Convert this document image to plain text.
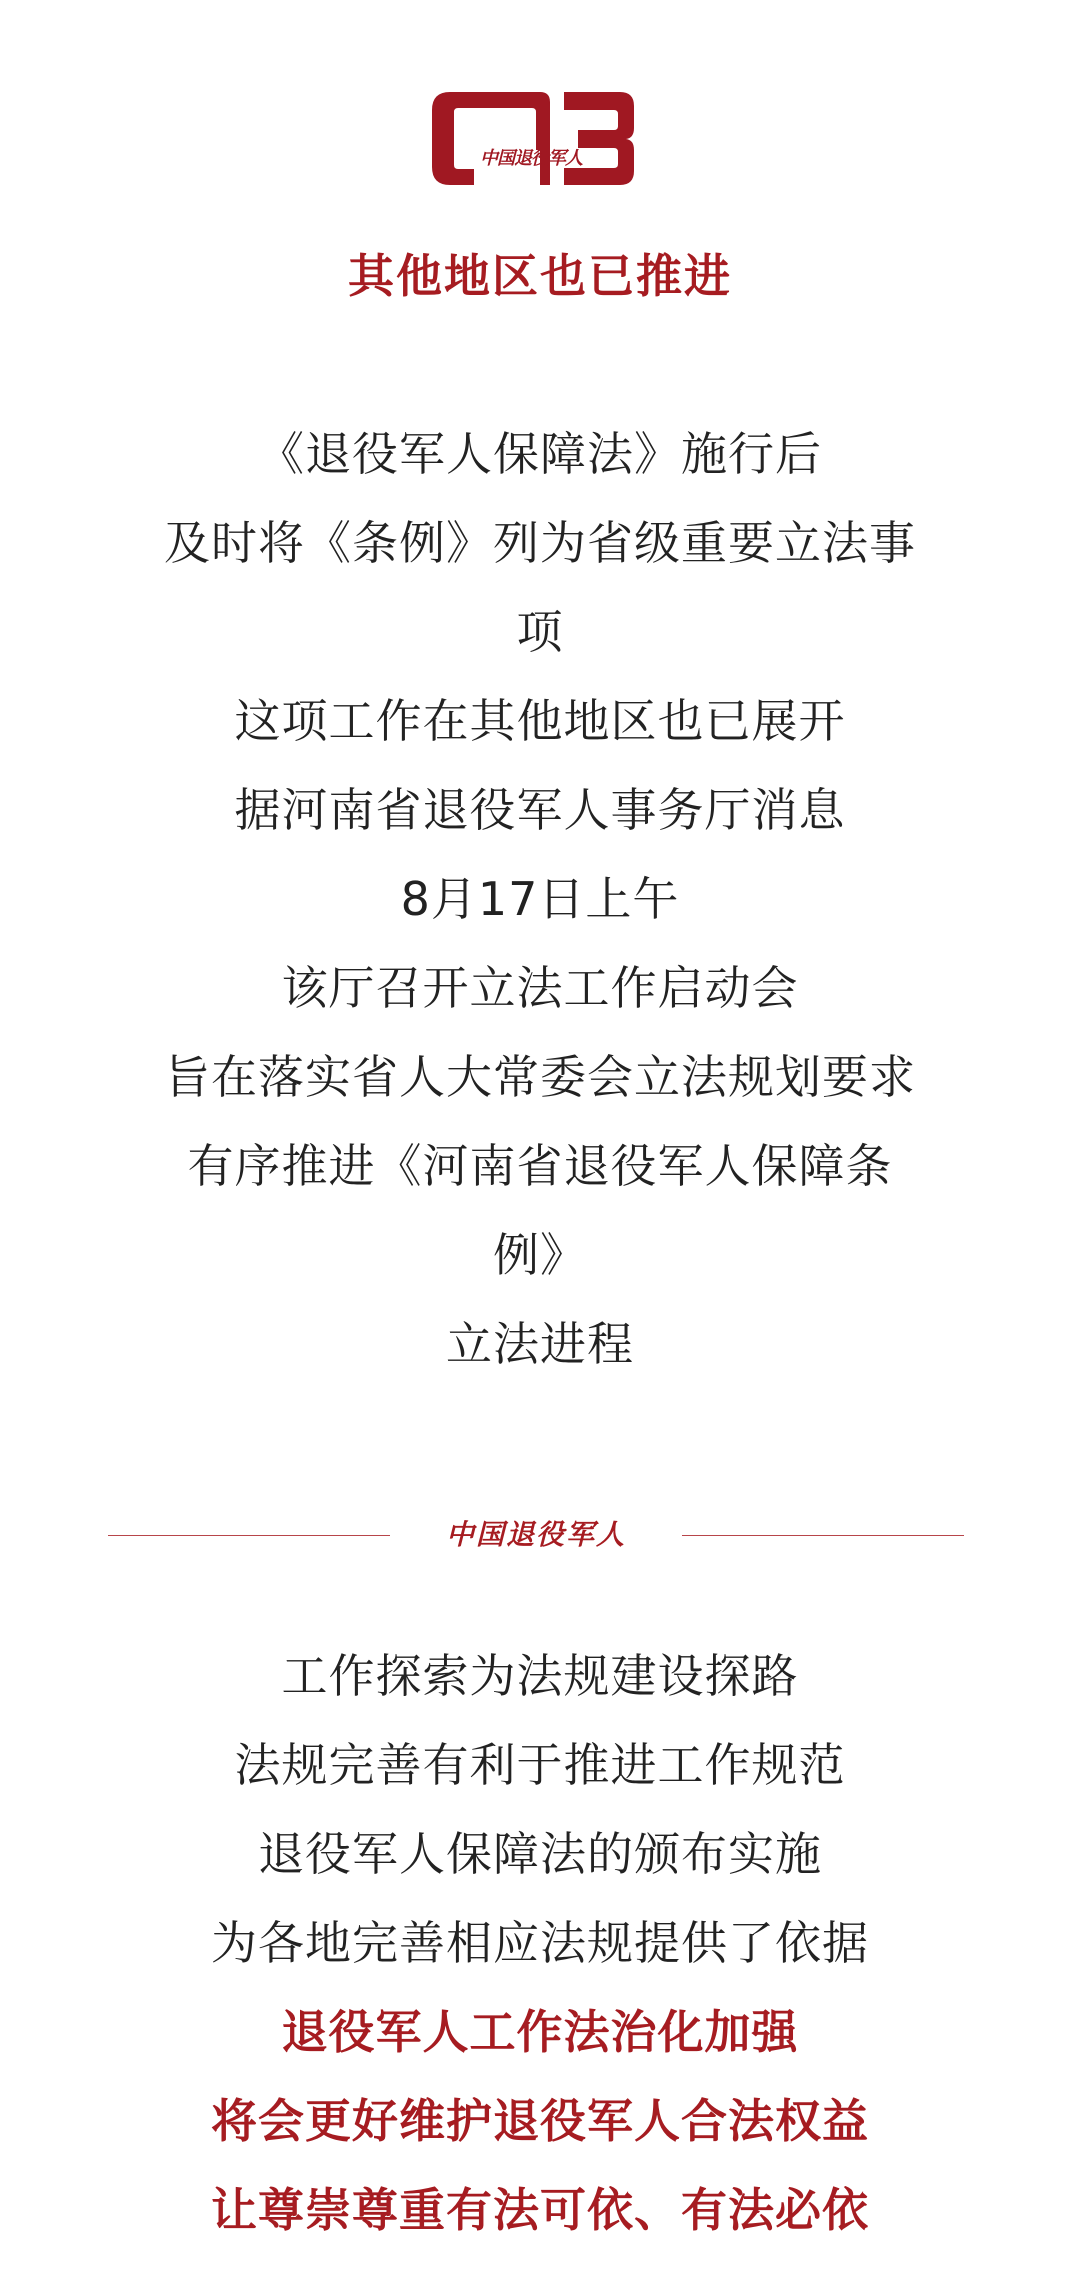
中国退役军人
其他地区也已推进
《退役军人保障法》施行后
及时将《条例》列为省级重要立法事
项
这项工作在其他地区也已展开
据河南省退役军人事务厅消息
8月17日上午
该厅召开立法工作启动会
旨在落实省人大常委会立法规划要求
有序推进《河南省退役军人保障条
例》
立法进程
中国退役军人
工作探索为法规建设探路
法规完善有利于推进工作规范
退役军人保障法的颁布实施
为各地完善相应法规提供了依据
退役军人工作法治化加强
将会更好维护退役军人合法权益
让尊崇尊重有法可依、有法必依
